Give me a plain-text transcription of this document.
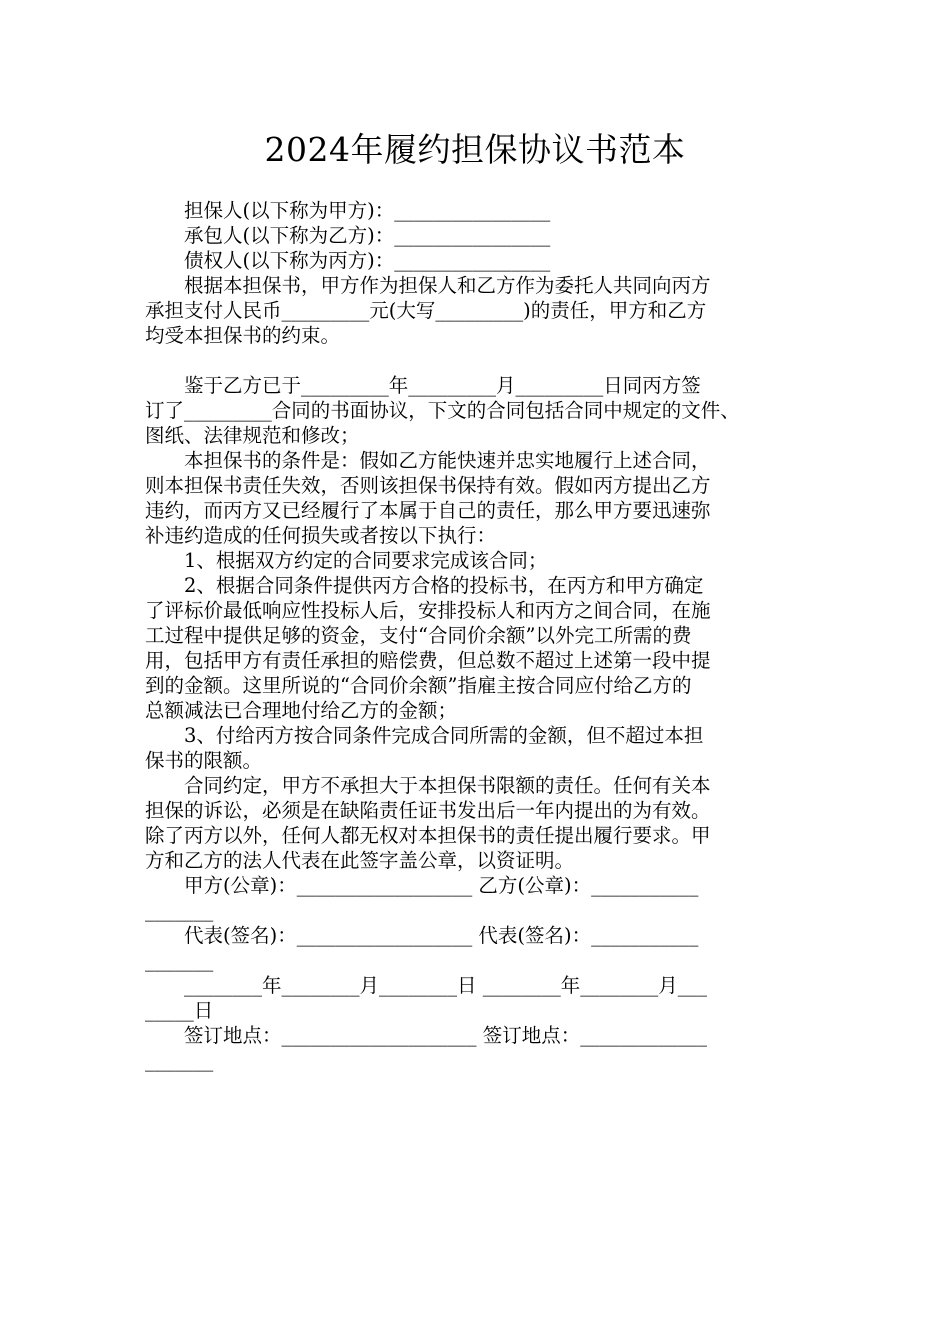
2024年履约担保协议书范本
　　担保人(以下称为甲方)：________________
　　承包人(以下称为乙方)：________________
　　债权人(以下称为丙方)：________________
　　根据本担保书，甲方作为担保人和乙方作为委托人共同向丙方
承担支付人民币_________元(大写_________)的责任，甲方和乙方
均受本担保书的约束。
　　鉴于乙方已于_________年_________月_________日同丙方签
订了_________合同的书面协议，下文的合同包括合同中规定的文件、
图纸、法律规范和修改；
　　本担保书的条件是：假如乙方能快速并忠实地履行上述合同，
则本担保书责任失效，否则该担保书保持有效。假如丙方提出乙方
违约，而丙方又已经履行了本属于自己的责任，那么甲方要迅速弥
补违约造成的任何损失或者按以下执行：
　　1、根据双方约定的合同要求完成该合同；
　　2、根据合同条件提供丙方合格的投标书，在丙方和甲方确定
了评标价最低响应性投标人后，安排投标人和丙方之间合同，在施
工过程中提供足够的资金，支付“合同价余额”以外完工所需的费
用，包括甲方有责任承担的赔偿费，但总数不超过上述第一段中提
到的金额。这里所说的“合同价余额”指雇主按合同应付给乙方的
总额减法已合理地付给乙方的金额；
　　3、付给丙方按合同条件完成合同所需的金额，但不超过本担
保书的限额。
　　合同约定，甲方不承担大于本担保书限额的责任。任何有关本
担保的诉讼，必须是在缺陷责任证书发出后一年内提出的为有效。
除了丙方以外，任何人都无权对本担保书的责任提出履行要求。甲
方和乙方的法人代表在此签字盖公章，以资证明。
　　甲方(公章)：__________________ 乙方(公章)：___________
_______
　　代表(签名)：__________________ 代表(签名)：___________
_______
　　________年________月________日 ________年________月___
_____日
　　签订地点：____________________ 签订地点：_____________
_______
